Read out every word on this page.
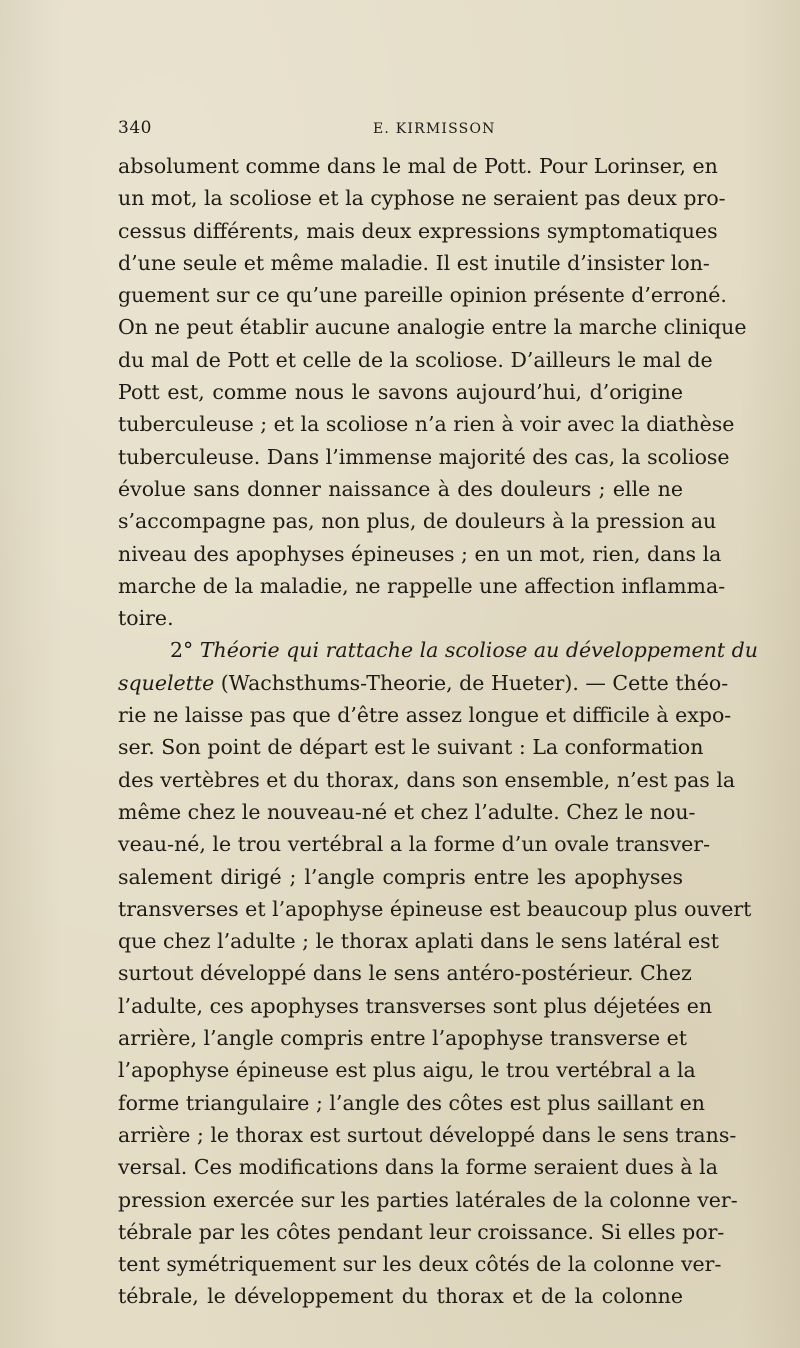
340	E. KIRMISSON
absolument comme dans le mal de Pott. Pour Lorinser, en
un mot, la scoliose et la cyphose ne seraient pas deux pro-
cessus différents, mais deux expressions symptomatiques
d’une seule et même maladie. Il est inutile d’insister lon-
guement sur ce qu’une pareille opinion présente d’erroné.
On ne peut établir aucune analogie entre la marche clinique
du mal de Pott et celle de la scoliose. D’ailleurs le mal de
Pott est, comme nous le savons aujourd’hui, d’origine
tuberculeuse ; et la scoliose n’a rien à voir avec la diathèse
tuberculeuse. Dans l’immense majorité des cas, la scoliose
évolue sans donner naissance à des douleurs ; elle ne
s’accompagne pas, non plus, de douleurs à la pression au
niveau des apophyses épineuses ; en un mot, rien, dans la
marche de la maladie, ne rappelle une affection inflamma-
toire.
2° Théorie qui rattache la scoliose au développement du
squelette (Wachsthums-Theorie, de Hueter). — Cette théo-
rie ne laisse pas que d’être assez longue et difficile à expo-
ser. Son point de départ est le suivant : La conformation
des vertèbres et du thorax, dans son ensemble, n’est pas la
même chez le nouveau-né et chez l’adulte. Chez le nou-
veau-né, le trou vertébral a la forme d’un ovale transver-
salement dirigé ; l’angle compris entre les apophyses
transverses et l’apophyse épineuse est beaucoup plus ouvert
que chez l’adulte ; le thorax aplati dans le sens latéral est
surtout développé dans le sens antéro-postérieur. Chez
l’adulte, ces apophyses transverses sont plus déjetées en
arrière, l’angle compris entre l’apophyse transverse et
l’apophyse épineuse est plus aigu, le trou vertébral a la
forme triangulaire ; l’angle des côtes est plus saillant en
arrière ; le thorax est surtout développé dans le sens trans-
versal. Ces modifications dans la forme seraient dues à la
pression exercée sur les parties latérales de la colonne ver-
tébrale par les côtes pendant leur croissance. Si elles por-
tent symétriquement sur les deux côtés de la colonne ver-
tébrale, le développement du thorax et de la colonne
